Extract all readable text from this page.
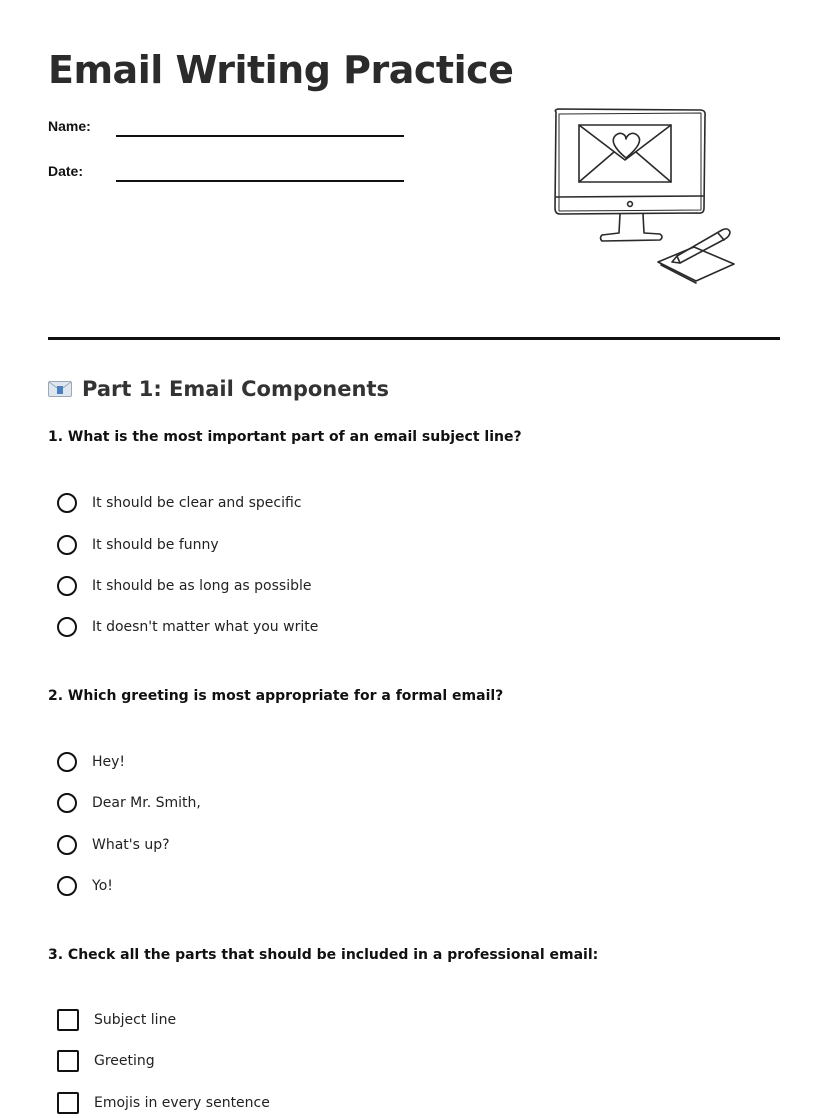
Email Writing Practice
Name:
Date:
Part 1: Email Components
1. What is the most important part of an email subject line?
It should be clear and specific
It should be funny
It should be as long as possible
It doesn't matter what you write
2. Which greeting is most appropriate for a formal email?
Hey!
Dear Mr. Smith,
What's up?
Yo!
3. Check all the parts that should be included in a professional email:
Subject line
Greeting
Emojis in every sentence
